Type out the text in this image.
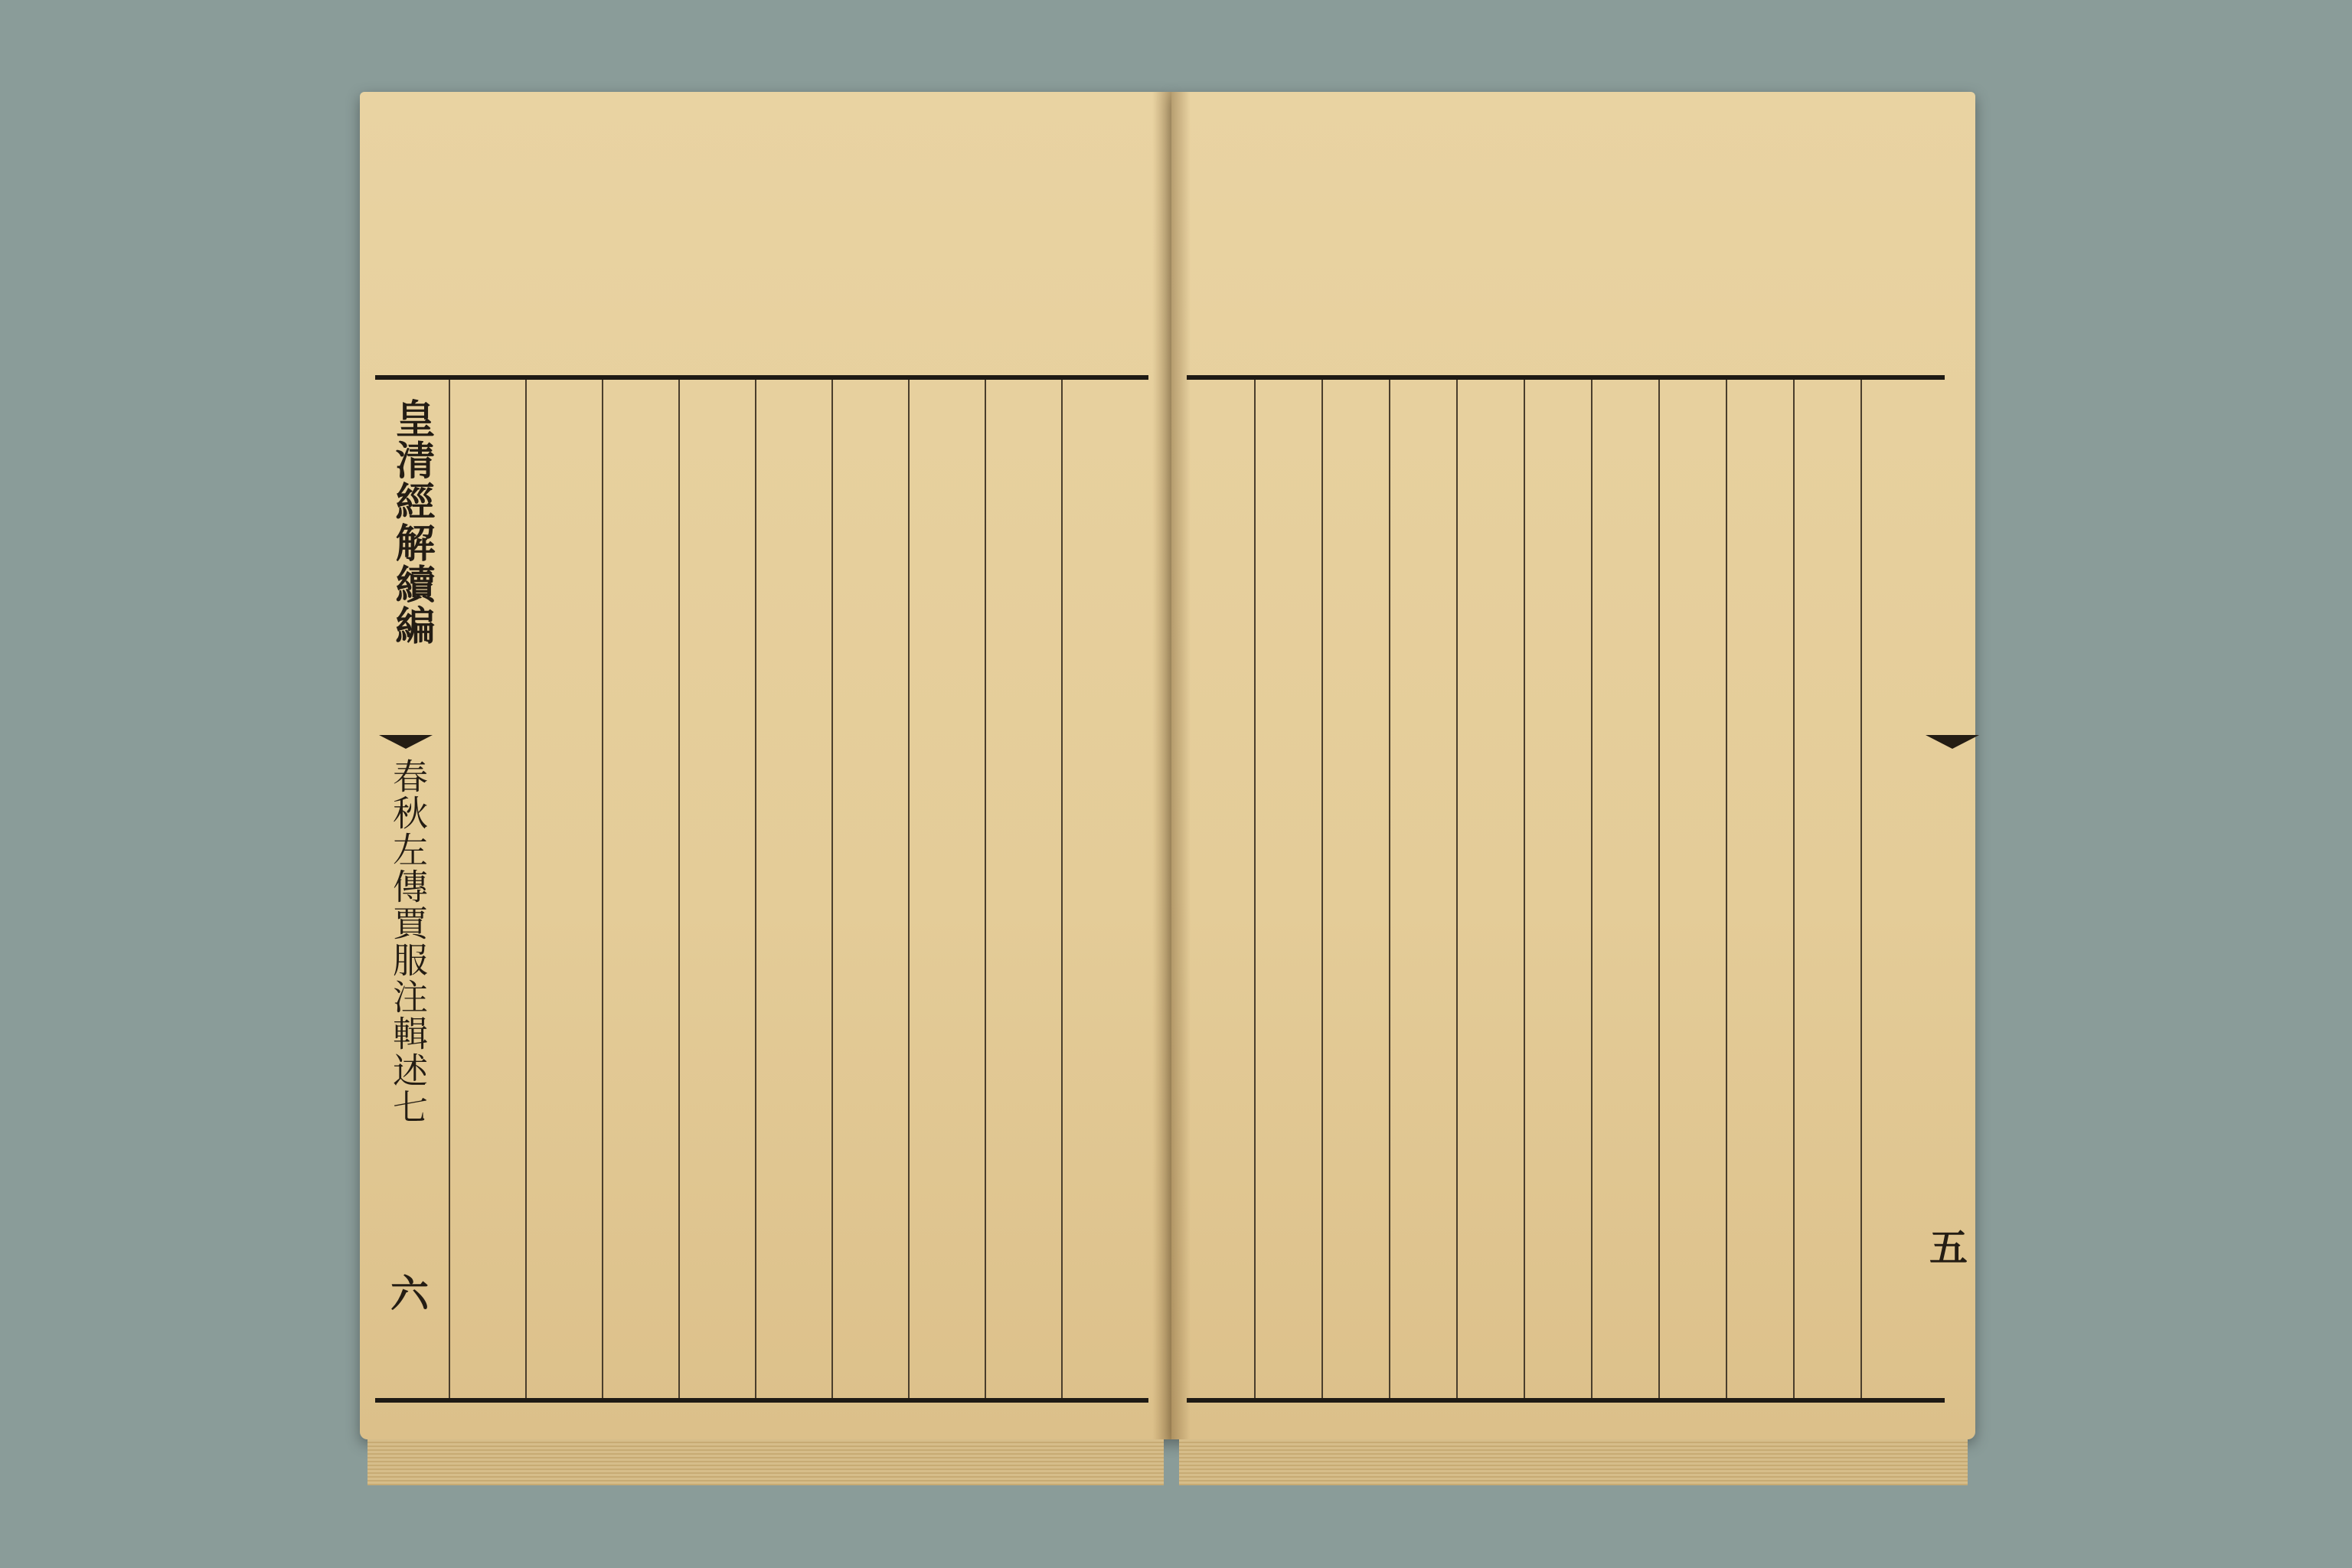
皇清經解續編
春秋左傳賈服注輯述七
六
五
